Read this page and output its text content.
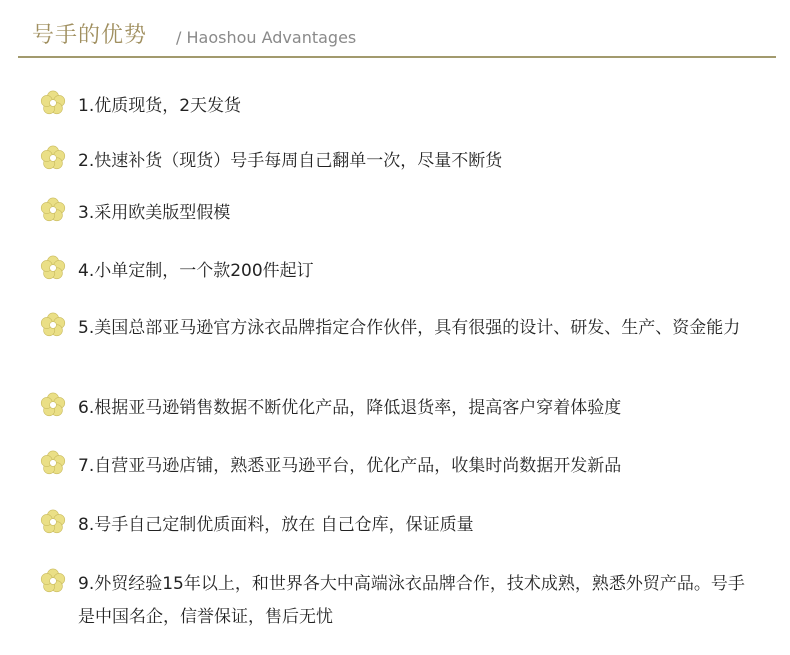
号手的优势 / Haoshou Advantages
1.优质现货，2天发货
2.快速补货（现货）号手每周自己翻单一次，尽量不断货
3.采用欧美版型假模
4.小单定制，一个款200件起订
5.美国总部亚马逊官方泳衣品牌指定合作伙伴，具有很强的设计、研发、生产、资金能力
6.根据亚马逊销售数据不断优化产品，降低退货率，提高客户穿着体验度
7.自营亚马逊店铺，熟悉亚马逊平台，优化产品，收集时尚数据开发新品
8.号手自己定制优质面料，放在 自己仓库，保证质量
9.外贸经验15年以上，和世界各大中高端泳衣品牌合作，技术成熟，熟悉外贸产品。号手是中国名企，信誉保证，售后无忧
